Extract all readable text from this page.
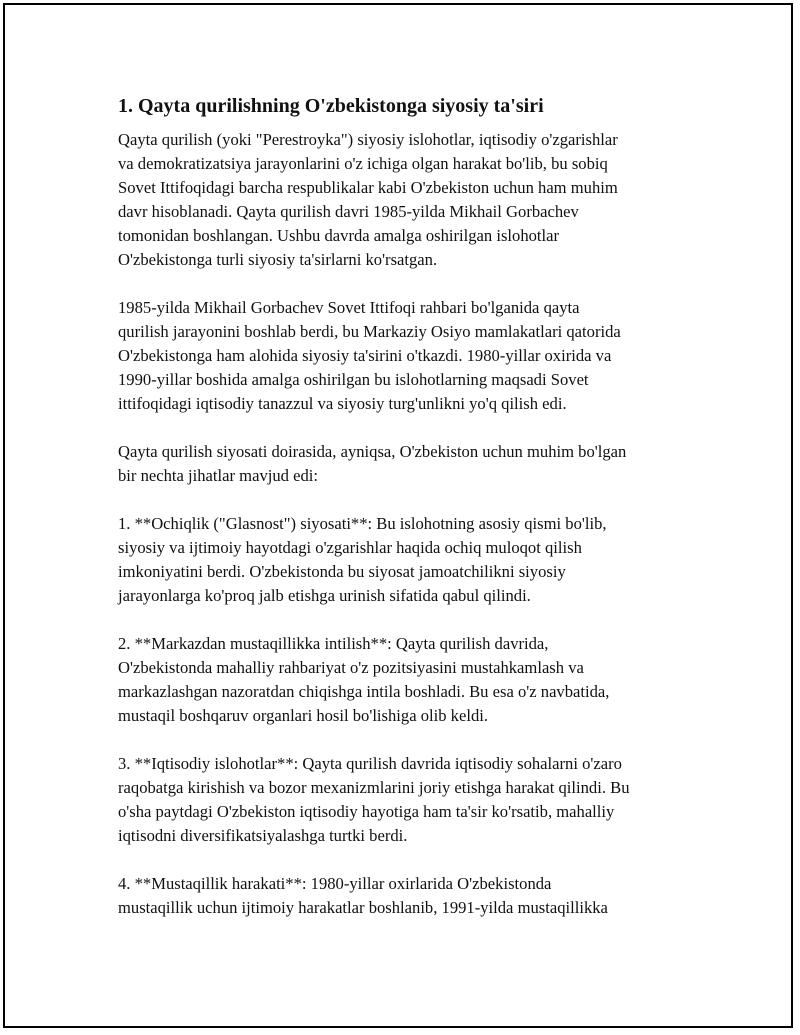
1. Qayta qurilishning O'zbekistonga siyosiy ta'siri

Qayta qurilish (yoki "Perestroyka") siyosiy islohotlar, iqtisodiy o'zgarishlar
va demokratizatsiya jarayonlarini o'z ichiga olgan harakat bo'lib, bu sobiq
Sovet Ittifoqidagi barcha respublikalar kabi O'zbekiston uchun ham muhim
davr hisoblanadi. Qayta qurilish davri 1985-yilda Mikhail Gorbachev
tomonidan boshlangan. Ushbu davrda amalga oshirilgan islohotlar
O'zbekistonga turli siyosiy ta'sirlarni ko'rsatgan.

1985-yilda Mikhail Gorbachev Sovet Ittifoqi rahbari bo'lganida qayta
qurilish jarayonini boshlab berdi, bu Markaziy Osiyo mamlakatlari qatorida
O'zbekistonga ham alohida siyosiy ta'sirini o'tkazdi. 1980-yillar oxirida va
1990-yillar boshida amalga oshirilgan bu islohotlarning maqsadi Sovet
ittifoqidagi iqtisodiy tanazzul va siyosiy turg'unlikni yo'q qilish edi.

Qayta qurilish siyosati doirasida, ayniqsa, O'zbekiston uchun muhim bo'lgan
bir nechta jihatlar mavjud edi:

1. **Ochiqlik ("Glasnost") siyosati**: Bu islohotning asosiy qismi bo'lib,
siyosiy va ijtimoiy hayotdagi o'zgarishlar haqida ochiq muloqot qilish
imkoniyatini berdi. O'zbekistonda bu siyosat jamoatchilikni siyosiy
jarayonlarga ko'proq jalb etishga urinish sifatida qabul qilindi.

2. **Markazdan mustaqillikka intilish**: Qayta qurilish davrida,
O'zbekistonda mahalliy rahbariyat o'z pozitsiyasini mustahkamlash va
markazlashgan nazoratdan chiqishga intila boshladi. Bu esa o'z navbatida,
mustaqil boshqaruv organlari hosil bo'lishiga olib keldi.

3. **Iqtisodiy islohotlar**: Qayta qurilish davrida iqtisodiy sohalarni o'zaro
raqobatga kirishish va bozor mexanizmlarini joriy etishga harakat qilindi. Bu
o'sha paytdagi O'zbekiston iqtisodiy hayotiga ham ta'sir ko'rsatib, mahalliy
iqtisodni diversifikatsiyalashga turtki berdi.

4. **Mustaqillik harakati**: 1980-yillar oxirlarida O'zbekistonda
mustaqillik uchun ijtimoiy harakatlar boshlanib, 1991-yilda mustaqillikka
